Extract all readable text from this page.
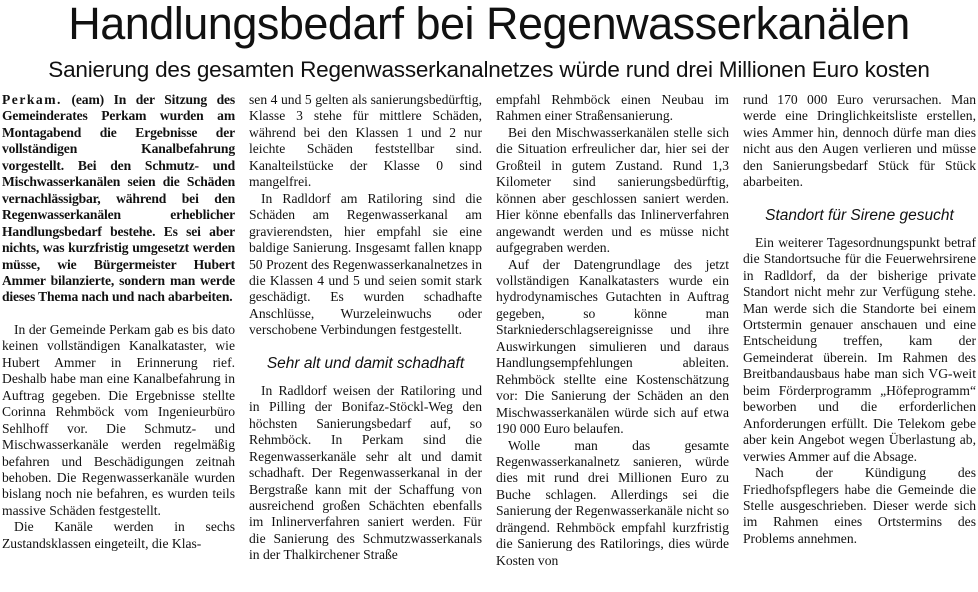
Handlungsbedarf bei Regenwasserkanälen
Sanierung des gesamten Regenwasserkanalnetzes würde rund drei Millionen Euro kosten

Perkam. (eam) In der Sitzung des Gemeinderates Perkam wurden am Montagabend die Ergebnisse der vollständigen Kanalbefahrung vorgestellt. Bei den Schmutz- und Mischwasserkanälen seien die Schäden vernachlässigbar, während bei den Regenwasserkanälen erheblicher Handlungsbedarf bestehe. Es sei aber nichts, was kurzfristig umgesetzt werden müsse, wie Bürgermeister Hubert Ammer bilanzierte, sondern man werde dieses Thema nach und nach abarbeiten.

In der Gemeinde Perkam gab es bis dato keinen vollständigen Kanalkataster, wie Hubert Ammer in Erinnerung rief. Deshalb habe man eine Kanalbefahrung in Auftrag gegeben. Die Ergebnisse stellte Corinna Rehmböck vom Ingenieurbüro Sehlhoff vor. Die Schmutz- und Mischwasserkanäle werden regelmäßig befahren und Beschädigungen zeitnah behoben. Die Regenwasserkanäle wurden bislang noch nie befahren, es wurden teils massive Schäden festgestellt.

Die Kanäle werden in sechs Zustandsklassen eingeteilt, die Klas-

sen 4 und 5 gelten als sanierungsbedürftig, Klasse 3 stehe für mittlere Schäden, während bei den Klassen 1 und 2 nur leichte Schäden feststellbar sind. Kanalteilstücke der Klasse 0 sind mangelfrei.

In Radldorf am Ratiloring sind die Schäden am Regenwasserkanal am gravierendsten, hier empfahl sie eine baldige Sanierung. Insgesamt fallen knapp 50 Prozent des Regenwasserkanalnetzes in die Klassen 4 und 5 und seien somit stark geschädigt. Es wurden schadhafte Anschlüsse, Wurzeleinwuchs oder verschobene Verbindungen festgestellt.

Sehr alt und damit schadhaft

In Radldorf weisen der Ratiloring und in Pilling der Bonifaz-Stöckl-Weg den höchsten Sanierungsbedarf auf, so Rehmböck. In Perkam sind die Regenwasserkanäle sehr alt und damit schadhaft. Der Regenwasserkanal in der Bergstraße kann mit der Schaffung von ausreichend großen Schächten ebenfalls im Inlinerverfahren saniert werden. Für die Sanierung des Schmutzwasserkanals in der Thalkirchener Straße

empfahl Rehmböck einen Neubau im Rahmen einer Straßensanierung.

Bei den Mischwasserkanälen stelle sich die Situation erfreulicher dar, hier sei der Großteil in gutem Zustand. Rund 1,3 Kilometer sind sanierungsbedürftig, können aber geschlossen saniert werden. Hier könne ebenfalls das Inlinerverfahren angewandt werden und es müsse nicht aufgegraben werden.

Auf der Datengrundlage des jetzt vollständigen Kanalkatasters wurde ein hydrodynamisches Gutachten in Auftrag gegeben, so könne man Starkniederschlagsereignisse und ihre Auswirkungen simulieren und daraus Handlungsempfehlungen ableiten. Rehmböck stellte eine Kostenschätzung vor: Die Sanierung der Schäden an den Mischwasserkanälen würde sich auf etwa 190 000 Euro belaufen.

Wolle man das gesamte Regenwasserkanalnetz sanieren, würde dies mit rund drei Millionen Euro zu Buche schlagen. Allerdings sei die Sanierung der Regenwasserkanäle nicht so drängend. Rehmböck empfahl kurzfristig die Sanierung des Ratilorings, dies würde Kosten von

rund 170 000 Euro verursachen. Man werde eine Dringlichkeitsliste erstellen, wies Ammer hin, dennoch dürfe man dies nicht aus den Augen verlieren und müsse den Sanierungsbedarf Stück für Stück abarbeiten.

Standort für Sirene gesucht

Ein weiterer Tagesordnungspunkt betraf die Standortsuche für die Feuerwehrsirene in Radldorf, da der bisherige private Standort nicht mehr zur Verfügung stehe. Man werde sich die Standorte bei einem Ortstermin genauer anschauen und eine Entscheidung treffen, kam der Gemeinderat überein. Im Rahmen des Breitbandausbaus habe man sich VG-weit beim Förderprogramm „Höfeprogramm“ beworben und die erforderlichen Anforderungen erfüllt. Die Telekom gebe aber kein Angebot wegen Überlastung ab, verwies Ammer auf die Absage.

Nach der Kündigung des Friedhofspflegers habe die Gemeinde die Stelle ausgeschrieben. Dieser werde sich im Rahmen eines Ortstermins des Problems annehmen.
